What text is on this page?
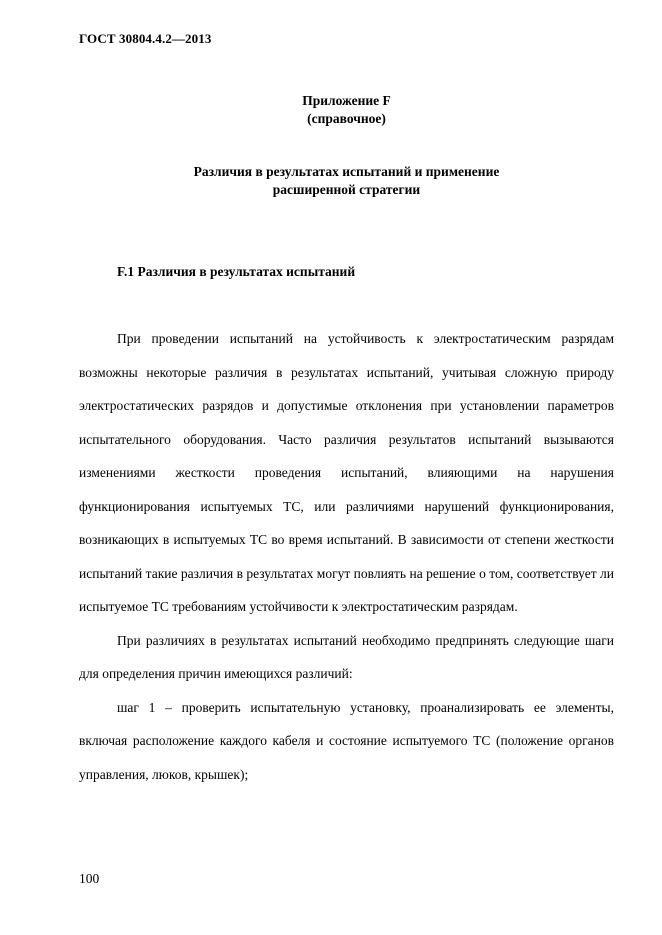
ГОСТ 30804.4.2—2013
Приложение F
(справочное)
Различия в результатах испытаний и применение
расширенной стратегии
F.1 Различия в результатах испытаний

При проведении испытаний на устойчивость к электростатическим разрядам возможны некоторые различия в результатах испытаний, учитывая сложную природу электростатических разрядов и допустимые отклонения при установлении параметров испытательного оборудования. Часто различия результатов испытаний вызываются изменениями жесткости проведения испытаний, влияющими на нарушения функционирования испытуемых ТС, или различиями нарушений функционирования, возникающих в испытуемых ТС во время испытаний. В зависимости от степени жесткости испытаний такие различия в результатах могут повлиять на решение о том, соответствует ли испытуемое ТС требованиям устойчивости к электростатическим разрядам.

При различиях в результатах испытаний необходимо предпринять следующие шаги для определения причин имеющихся различий:

шаг 1 – проверить испытательную установку, проанализировать ее элементы, включая расположение каждого кабеля и состояние испытуемого ТС (положение органов управления, люков, крышек);

100
